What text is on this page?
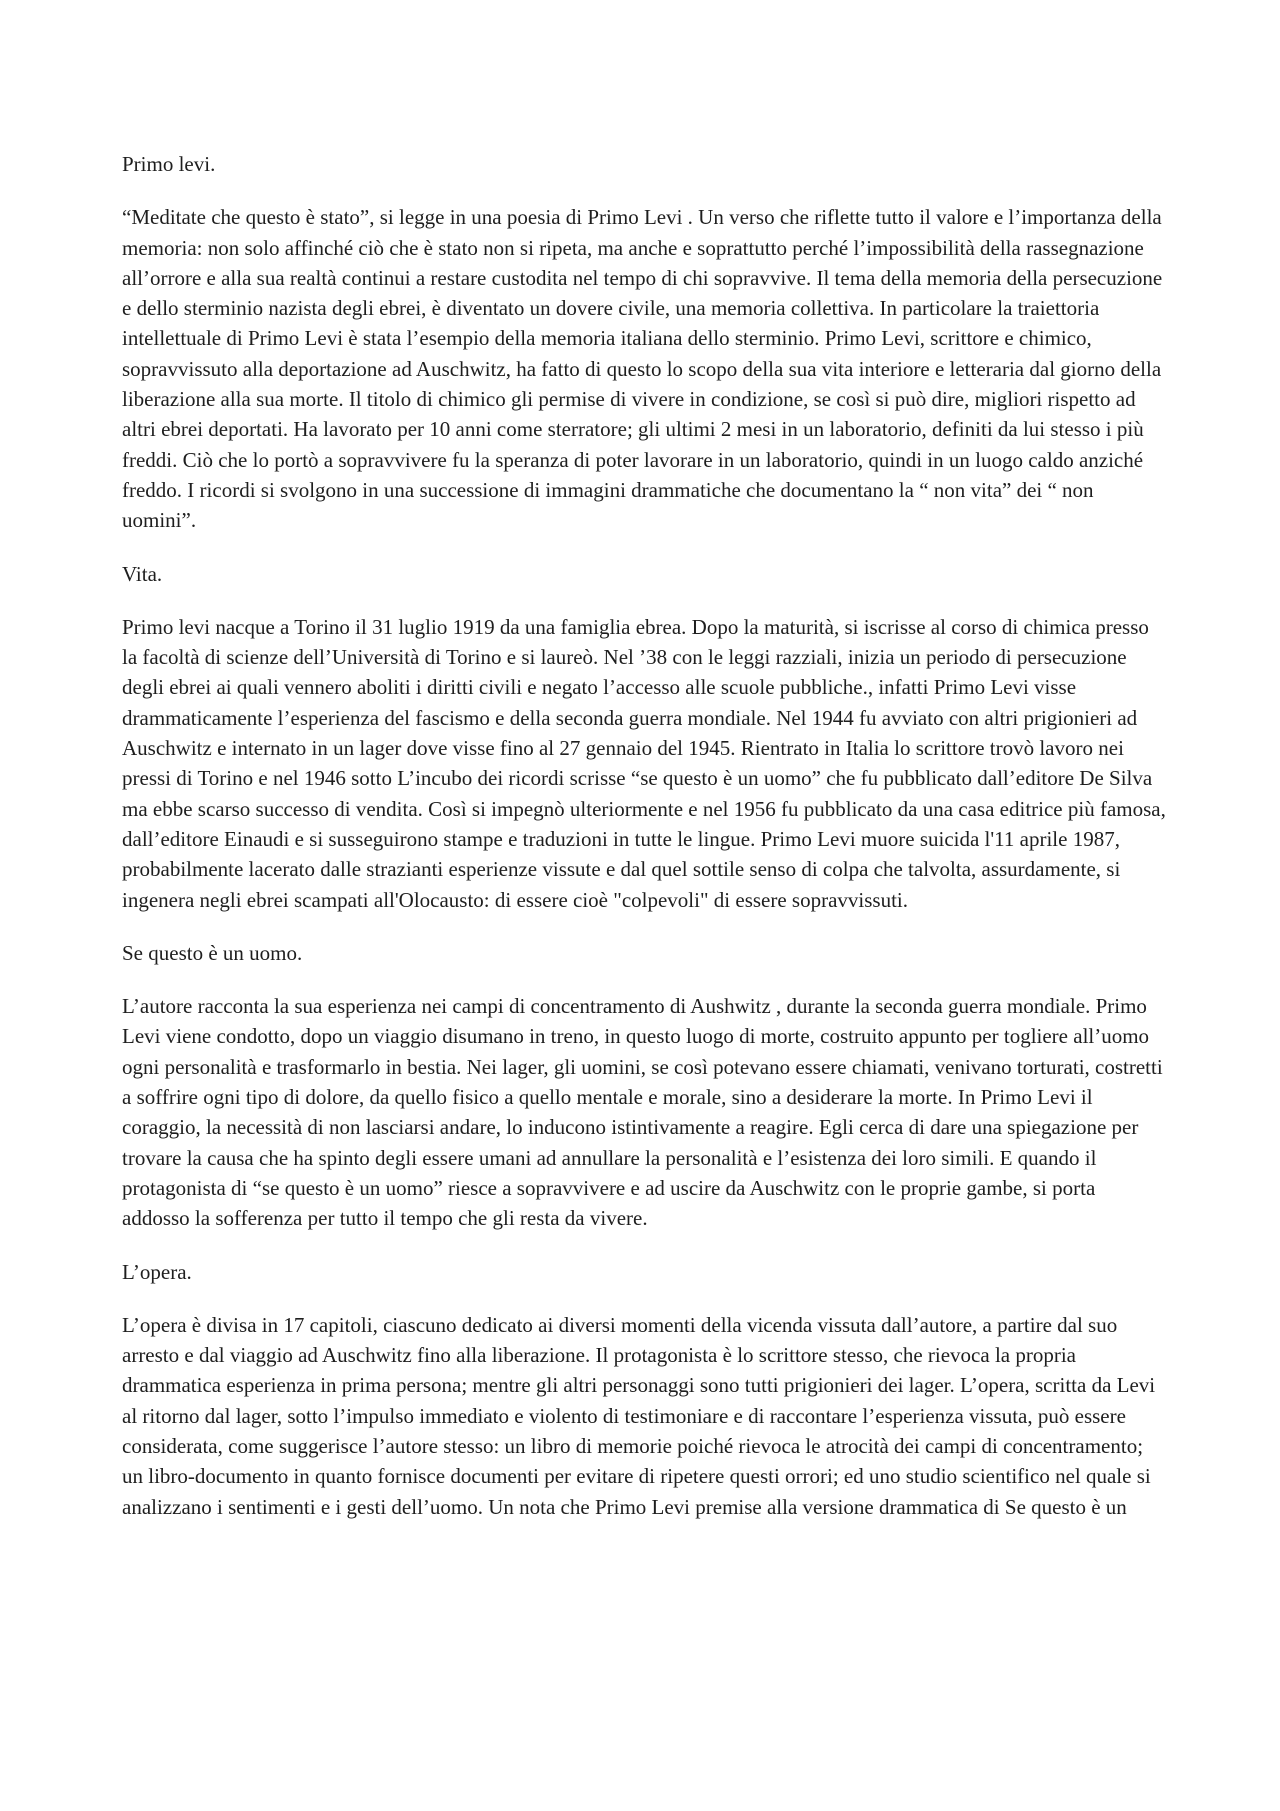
Primo levi.

“Meditate che questo è stato”, si legge in una poesia di Primo Levi . Un verso che riflette tutto il valore e l’importanza della memoria: non solo affinché ciò che è stato non si ripeta, ma anche e soprattutto perché l’impossibilità della rassegnazione all’orrore e alla sua realtà continui a restare custodita nel tempo di chi sopravvive. Il tema della memoria della persecuzione e dello sterminio nazista degli ebrei, è diventato un dovere civile, una memoria collettiva. In particolare la traiettoria intellettuale di Primo Levi è stata l’esempio della memoria italiana dello sterminio. Primo Levi, scrittore e chimico, sopravvissuto alla deportazione ad Auschwitz, ha fatto di questo lo scopo della sua vita interiore e letteraria dal giorno della liberazione alla sua morte. Il titolo di chimico gli permise di vivere in condizione, se così si può dire, migliori rispetto ad altri ebrei deportati. Ha lavorato per 10 anni come sterratore; gli ultimi 2 mesi in un laboratorio, definiti da lui stesso i più freddi. Ciò che lo portò a sopravvivere fu la speranza di poter lavorare in un laboratorio, quindi in un luogo caldo anziché freddo. I ricordi si svolgono in una successione di immagini drammatiche che documentano la “ non vita” dei “ non uomini”.

Vita.

Primo levi nacque a Torino il 31 luglio 1919 da una famiglia ebrea. Dopo la maturità, si iscrisse al corso di chimica presso la facoltà di scienze dell’Università di Torino e si laureò. Nel ’38 con le leggi razziali, inizia un periodo di persecuzione degli ebrei ai quali vennero aboliti i diritti civili e negato l’accesso alle scuole pubbliche., infatti Primo Levi visse drammaticamente l’esperienza del fascismo e della seconda guerra mondiale. Nel 1944 fu avviato con altri prigionieri ad Auschwitz e internato in un lager dove visse fino al 27 gennaio del 1945. Rientrato in Italia lo scrittore trovò lavoro nei pressi di Torino e nel 1946 sotto L’incubo dei ricordi scrisse “se questo è un uomo” che fu pubblicato dall’editore De Silva ma ebbe scarso successo di vendita. Così si impegnò ulteriormente e nel 1956 fu pubblicato da una casa editrice più famosa, dall’editore Einaudi e si susseguirono stampe e traduzioni in tutte le lingue. Primo Levi muore suicida l'11 aprile 1987, probabilmente lacerato dalle strazianti esperienze vissute e dal quel sottile senso di colpa che talvolta, assurdamente, si ingenera negli ebrei scampati all'Olocausto: di essere cioè "colpevoli" di essere sopravvissuti.

Se questo è un uomo.

L’autore racconta la sua esperienza nei campi di concentramento di Aushwitz , durante la seconda guerra mondiale. Primo Levi viene condotto, dopo un viaggio disumano in treno, in questo luogo di morte, costruito appunto per togliere all’uomo ogni personalità e trasformarlo in bestia. Nei lager, gli uomini, se così potevano essere chiamati, venivano torturati, costretti a soffrire ogni tipo di dolore, da quello fisico a quello mentale e morale, sino a desiderare la morte. In Primo Levi il coraggio, la necessità di non lasciarsi andare, lo inducono istintivamente a reagire. Egli cerca di dare una spiegazione per trovare la causa che ha spinto degli essere umani ad annullare la personalità e l’esistenza dei loro simili. E quando il protagonista di “se questo è un uomo” riesce a sopravvivere e ad uscire da Auschwitz con le proprie gambe, si porta addosso la sofferenza per tutto il tempo che gli resta da vivere.

L’opera.

L’opera è divisa in 17 capitoli, ciascuno dedicato ai diversi momenti della vicenda vissuta dall’autore, a partire dal suo arresto e dal viaggio ad Auschwitz fino alla liberazione. Il protagonista è lo scrittore stesso, che rievoca la propria drammatica esperienza in prima persona; mentre gli altri personaggi sono tutti prigionieri dei lager. L’opera, scritta da Levi al ritorno dal lager, sotto l’impulso immediato e violento di testimoniare e di raccontare l’esperienza vissuta, può essere considerata, come suggerisce l’autore stesso: un libro di memorie poiché rievoca le atrocità dei campi di concentramento; un libro-documento in quanto fornisce documenti per evitare di ripetere questi orrori; ed uno studio scientifico nel quale si analizzano i sentimenti e i gesti dell’uomo. Un nota che Primo Levi premise alla versione drammatica di Se questo è un
